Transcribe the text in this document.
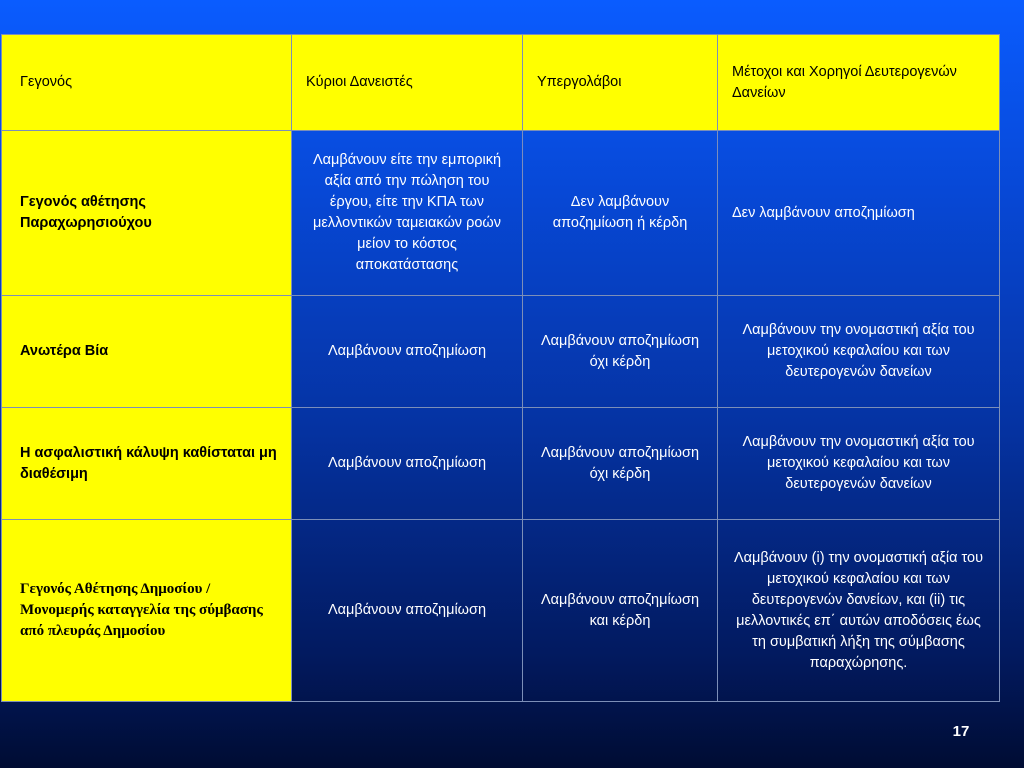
Γεγονός	Κύριοι Δανειστές	Υπεργολάβοι	Μέτοχοι και Χορηγοί Δευτερογενών Δανείων
Γεγονός αθέτησης Παραχωρησιούχου	Λαμβάνουν είτε την εμπορική αξία από την πώληση του έργου, είτε την ΚΠΑ των μελλοντικών ταμειακών ροών μείον το κόστος αποκατάστασης	Δεν λαμβάνουν αποζημίωση ή κέρδη	Δεν λαμβάνουν αποζημίωση
Ανωτέρα Βία	Λαμβάνουν αποζημίωση	Λαμβάνουν αποζημίωση όχι κέρδη	Λαμβάνουν την ονομαστική αξία του μετοχικού κεφαλαίου και των δευτερογενών δανείων
Η ασφαλιστική κάλυψη καθίσταται μη διαθέσιμη	Λαμβάνουν αποζημίωση	Λαμβάνουν αποζημίωση όχι κέρδη	Λαμβάνουν την ονομαστική αξία του μετοχικού κεφαλαίου και των δευτερογενών δανείων
Γεγονός Αθέτησης Δημοσίου / Μονομερής καταγγελία της σύμβασης από πλευράς Δημοσίου	Λαμβάνουν αποζημίωση	Λαμβάνουν αποζημίωση και κέρδη	Λαμβάνουν (i) την ονομαστική αξία του μετοχικού κεφαλαίου και των δευτερογενών δανείων, και (ii) τις μελλοντικές επ΄ αυτών αποδόσεις έως τη συμβατική λήξη της σύμβασης παραχώρησης.
17
